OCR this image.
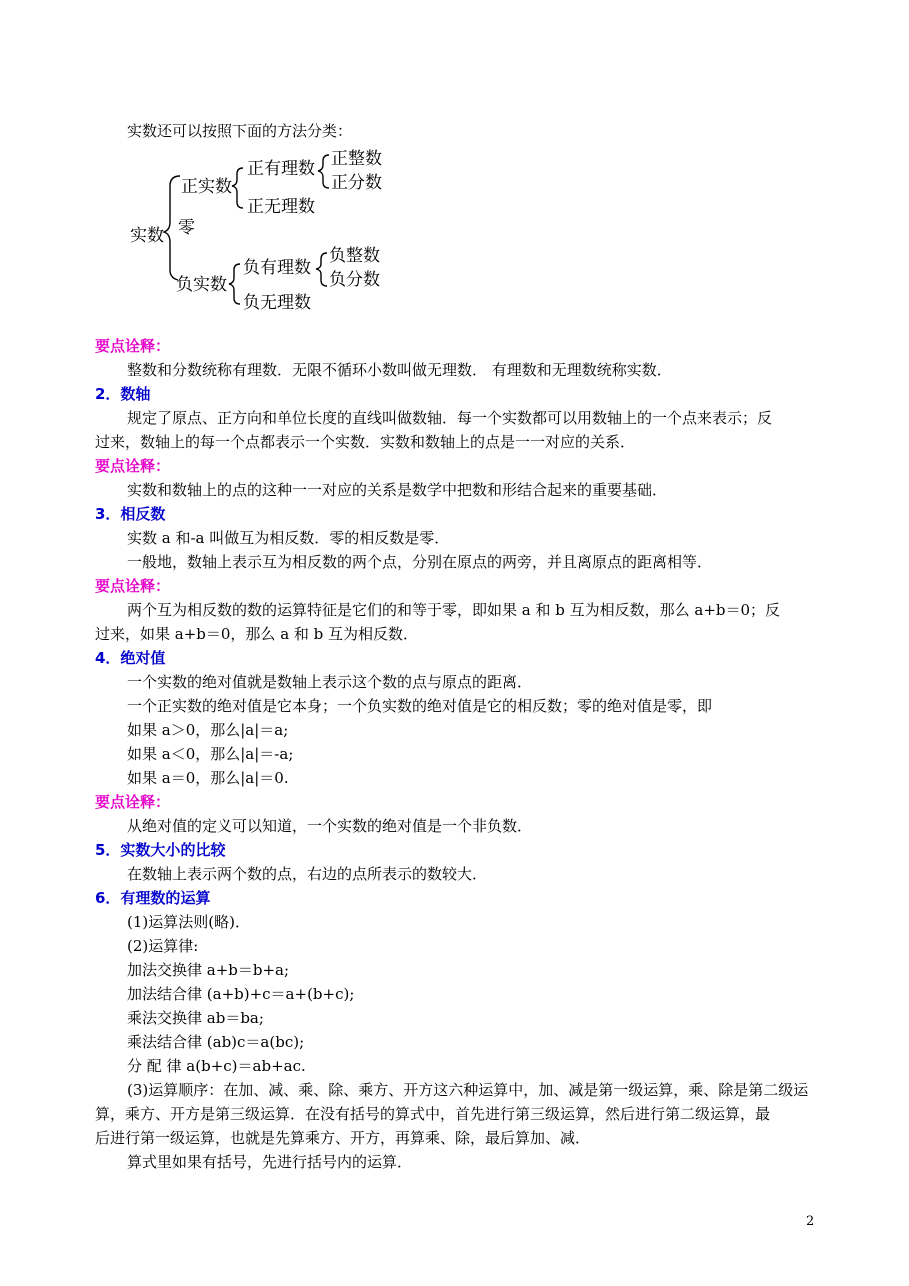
实数还可以按照下面的方法分类：
实数
正实数
零
负实数
正有理数
正无理数
正整数
正分数
负有理数
负无理数
负整数
负分数
要点诠释：
整数和分数统称有理数．无限不循环小数叫做无理数． 有理数和无理数统称实数．
2．数轴
规定了原点、正方向和单位长度的直线叫做数轴．每一个实数都可以用数轴上的一个点来表示；反
过来，数轴上的每一个点都表示一个实数．实数和数轴上的点是一一对应的关系．
要点诠释：
实数和数轴上的点的这种一一对应的关系是数学中把数和形结合起来的重要基础．
3．相反数
实数 a 和-a 叫做互为相反数．零的相反数是零．
一般地，数轴上表示互为相反数的两个点，分别在原点的两旁，并且离原点的距离相等．
要点诠释：
两个互为相反数的数的运算特征是它们的和等于零，即如果 a 和 b 互为相反数，那么 a+b＝0；反
过来，如果 a+b＝0，那么 a 和 b 互为相反数．
4．绝对值
一个实数的绝对值就是数轴上表示这个数的点与原点的距离．
一个正实数的绝对值是它本身；一个负实数的绝对值是它的相反数；零的绝对值是零，即
如果 a＞0，那么|a|＝a;
如果 a＜0，那么|a|＝-a;
如果 a＝0，那么|a|＝0.
要点诠释：
从绝对值的定义可以知道，一个实数的绝对值是一个非负数．
5．实数大小的比较
在数轴上表示两个数的点，右边的点所表示的数较大．
6．有理数的运算
(1)运算法则(略)．
(2)运算律:
加法交换律 a+b＝b+a;
加法结合律 (a+b)+c＝a+(b+c);
乘法交换律 ab＝ba;
乘法结合律 (ab)c＝a(bc);
分 配 律 a(b+c)＝ab+ac.
(3)运算顺序：在加、减、乘、除、乘方、开方这六种运算中，加、减是第一级运算，乘、除是第二级运
算，乘方、开方是第三级运算．在没有括号的算式中，首先进行第三级运算，然后进行第二级运算，最
后进行第一级运算，也就是先算乘方、开方，再算乘、除，最后算加、减．
算式里如果有括号，先进行括号内的运算．
2
